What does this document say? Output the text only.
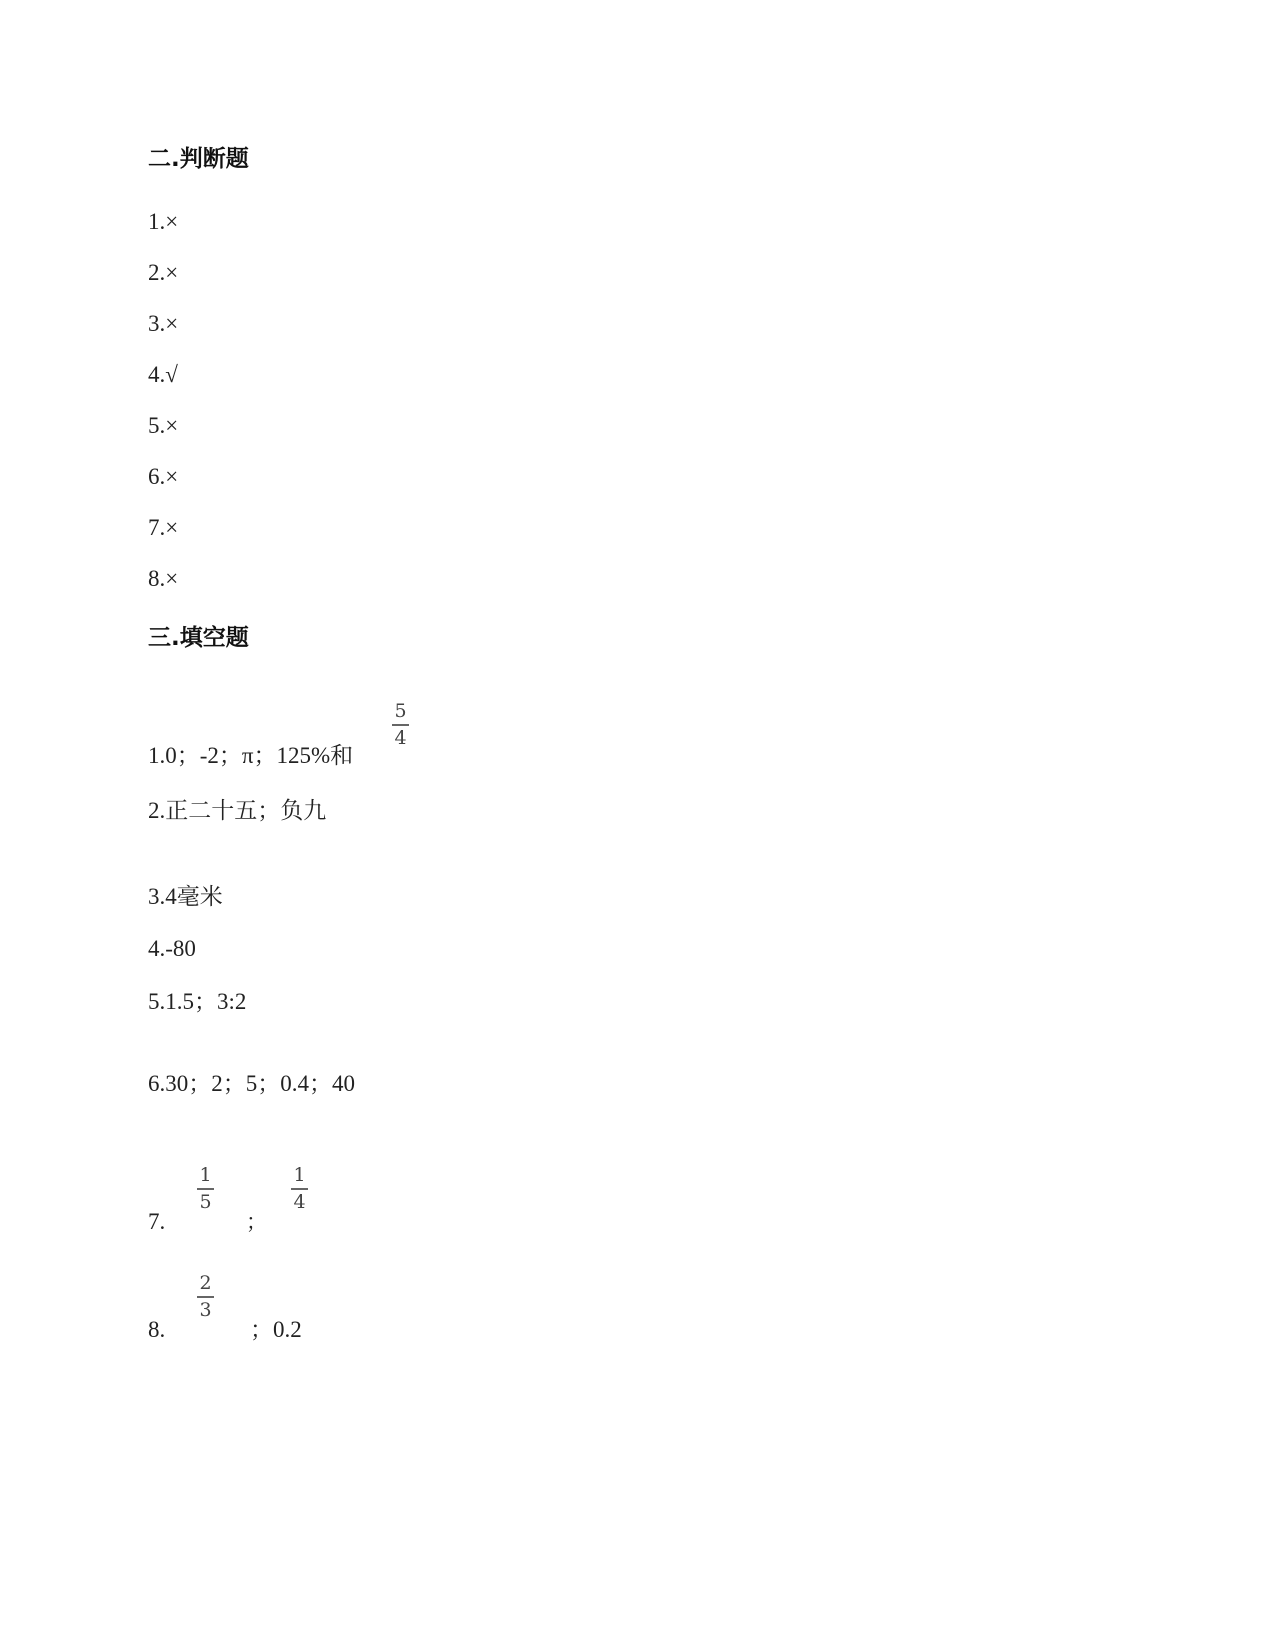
二.判断题
1.×
2.×
3.×
4.√
5.×
6.×
7.×
8.×
三.填空题
1.0；-2；π；125%和
5
4
2.正二十五；负九
3.4毫米
4.-80
5.1.5；3:2
6.30；2；5；0.4；40
7.
1
5
；
1
4
8.
2
3
；0.2
